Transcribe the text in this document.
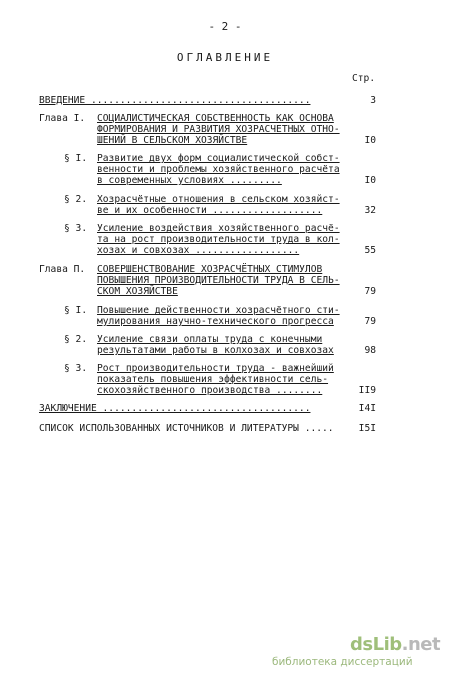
- 2 -
ОГЛАВЛЕНИЕ
Стр.
ВВЕДЕНИЕ ......................................	3
Глава I. СОЦИАЛИСТИЧЕСКАЯ СОБСТВЕННОСТЬ КАК ОСНОВА
ФОРМИРОВАНИЯ И РАЗВИТИЯ ХОЗРАСЧЕТНЫХ ОТНО-
ШЕНИЙ В СЕЛЬСКОМ ХОЗЯЙСТВЕ	I0
§ I. Развитие двух форм социалистической собст-
венности и проблемы хозяйственного расчёта
в современных условиях .........	I0
§ 2. Хозрасчётные отношения в сельском хозяйст-
ве и их особенности ...................	32
§ 3. Усиление воздействия хозяйственного расчё-
та на рост производительности труда в кол-
хозах и совхозах ..................	55
Глава П. СОВЕРШЕНСТВОВАНИЕ ХОЗРАСЧЁТНЫХ СТИМУЛОВ
ПОВЫШЕНИЯ ПРОИЗВОДИТЕЛЬНОСТИ ТРУДА В СЕЛЬ-
СКОМ ХОЗЯЙСТВЕ	79
§ I. Повышение действенности хозрасчётного сти-
мулирования научно-технического прогресса	79
§ 2. Усиление связи оплаты труда с конечными
результатами работы в колхозах и совхозах	98
§ 3. Рост производительности труда - важнейший
показатель повышения эффективности сель-
скохозяйственного производства ........	II9
ЗАКЛЮЧЕНИЕ ....................................	I4I
СПИСОК ИСПОЛЬЗОВАННЫХ ИСТОЧНИКОВ И ЛИТЕРАТУРЫ .....	I5I
dsLib.net
библиотека диссертаций
